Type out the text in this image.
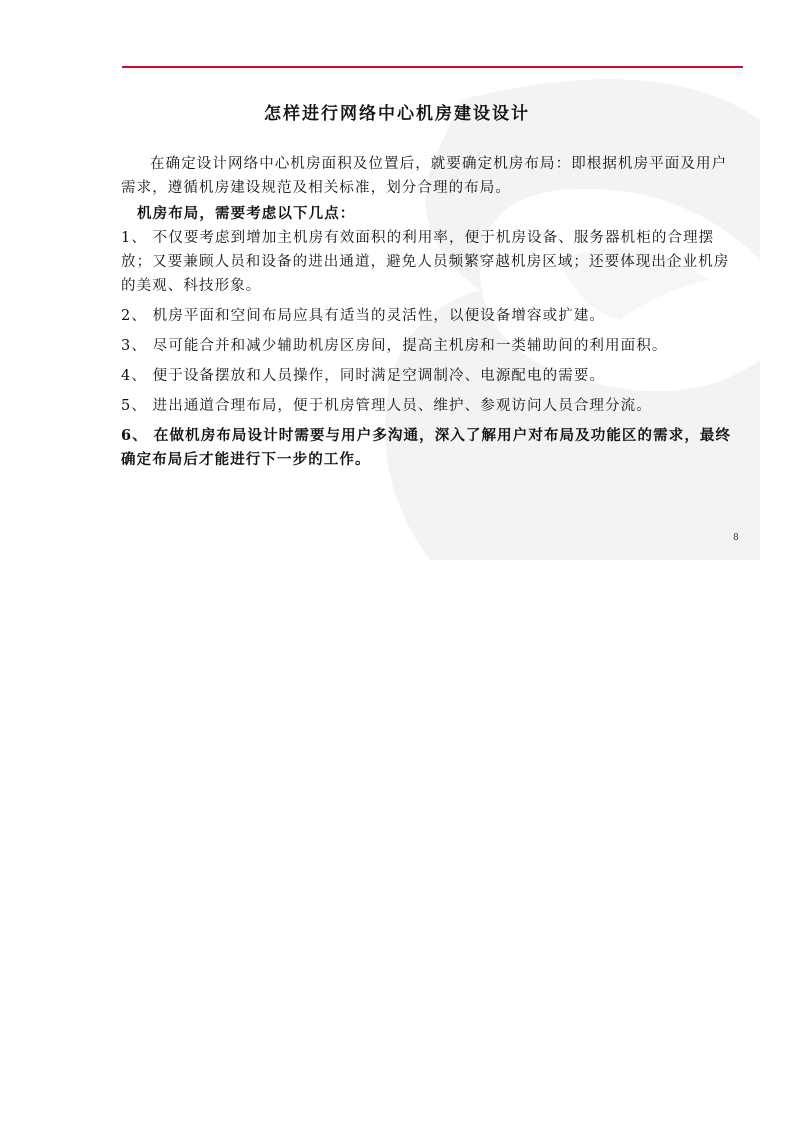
怎样进行网络中心机房建设设计

在确定设计网络中心机房面积及位置后，就要确定机房布局：即根据机房平面及用户需求，遵循机房建设规范及相关标准，划分合理的布局。

机房布局，需要考虑以下几点：

1、 不仅要考虑到增加主机房有效面积的利用率，便于机房设备、服务器机柜的合理摆放；又要兼顾人员和设备的进出通道，避免人员频繁穿越机房区域；还要体现出企业机房的美观、科技形象。

2、 机房平面和空间布局应具有适当的灵活性，以便设备增容或扩建。

3、 尽可能合并和减少辅助机房区房间，提高主机房和一类辅助间的利用面积。

4、 便于设备摆放和人员操作，同时满足空调制冷、电源配电的需要。

5、 进出通道合理布局，便于机房管理人员、维护、参观访问人员合理分流。

6、 在做机房布局设计时需要与用户多沟通，深入了解用户对布局及功能区的需求，最终确定布局后才能进行下一步的工作。

8
